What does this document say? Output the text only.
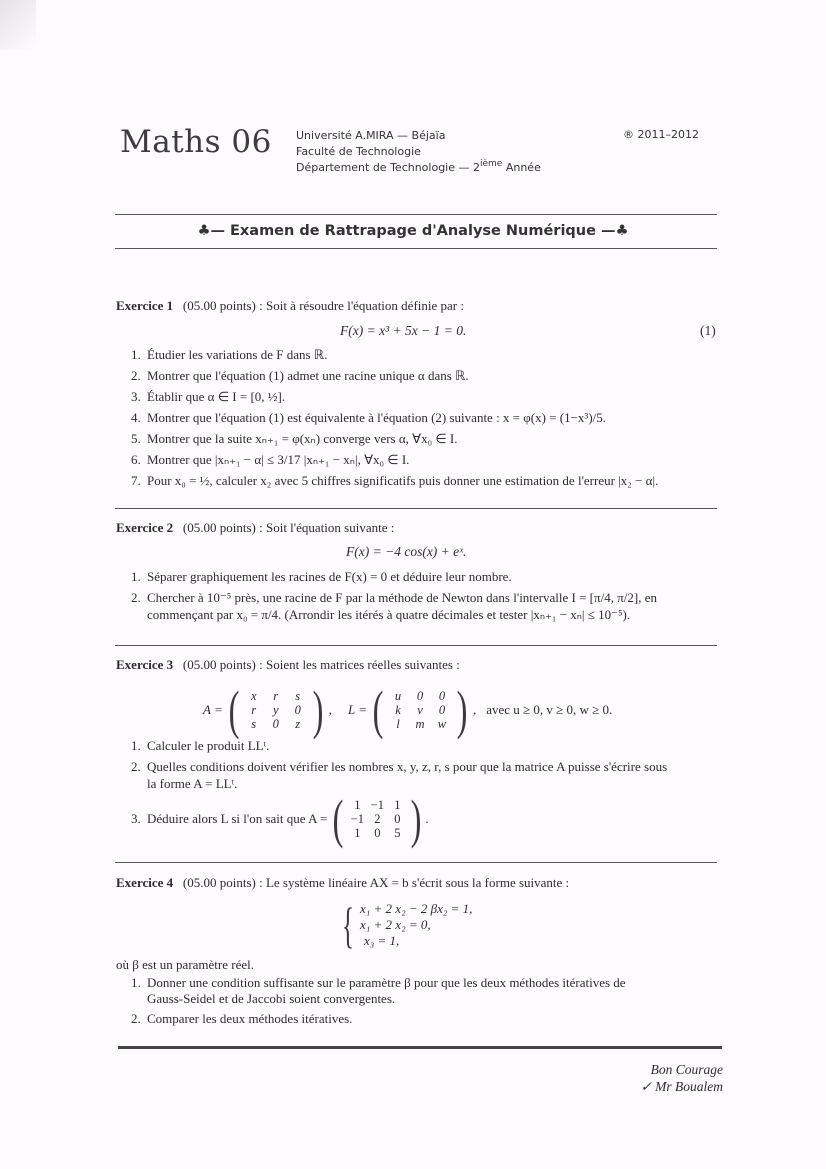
Maths 06 Université A.MIRA — Béjaïa
Faculté de Technologie
Département de Technologie — 2ième Année
® 2011–2012
♣— Examen de Rattrapage d'Analyse Numérique —♣
Exercice 1 (05.00 points) : Soit à résoudre l'équation définie par :
F(x) = x³ + 5x − 1 = 0.	(1)
1. Étudier les variations de F dans ℝ.
2. Montrer que l'équation (1) admet une racine unique α dans ℝ.
3. Établir que α ∈ I = [0, ½].
4. Montrer que l'équation (1) est équivalente à l'équation (2) suivante : x = φ(x) = (1−x³)/5.
5. Montrer que la suite xₙ₊₁ = φ(xₙ) converge vers α, ∀x₀ ∈ I.
6. Montrer que |xₙ₊₁ − α| ≤ 3/17 |xₙ₊₁ − xₙ|, ∀x₀ ∈ I.
7. Pour x₀ = ½, calculer x₂ avec 5 chiffres significatifs puis donner une estimation de l'erreur |x₂ − α|.
Exercice 2 (05.00 points) : Soit l'équation suivante :
F(x) = −4 cos(x) + eˣ.
1. Séparer graphiquement les racines de F(x) = 0 et déduire leur nombre.
2. Chercher à 10⁻⁵ près, une racine de F par la méthode de Newton dans l'intervalle I = [π/4, π/2], en
commençant par x₀ = π/4. (Arrondir les itérés à quatre décimales et tester |xₙ₊₁ − xₙ| ≤ 10⁻⁵).
Exercice 3 (05.00 points) : Soient les matrices réelles suivantes :
A = ( x	r	s
r	y	0
s	0	z ) , L = ( u	0	0
k	v	0
l	m	w ) , avec u ≥ 0, v ≥ 0, w ≥ 0.
1. Calculer le produit LLᵗ.
2. Quelles conditions doivent vérifier les nombres x, y, z, r, s pour que la matrice A puisse s'écrire sous
la forme A = LLᵗ.
3. Déduire alors L si l'on sait que A = ( 1 −1 1
−1 2	0
1	0	5 ) .
Exercice 4 (05.00 points) : Le système linéaire AX = b s'écrit sous la forme suivante :
{ x₁ + 2 x₂ − 2 βx₂ = 1,
x₁ + 2 x₂ = 0,
x₃ = 1,
où β est un paramètre réel.
1. Donner une condition suffisante sur le paramètre β pour que les deux méthodes itératives de
Gauss-Seidel et de Jaccobi soient convergentes.
2. Comparer les deux méthodes itératives.
Bon Courage
✓ Mr Boualem
